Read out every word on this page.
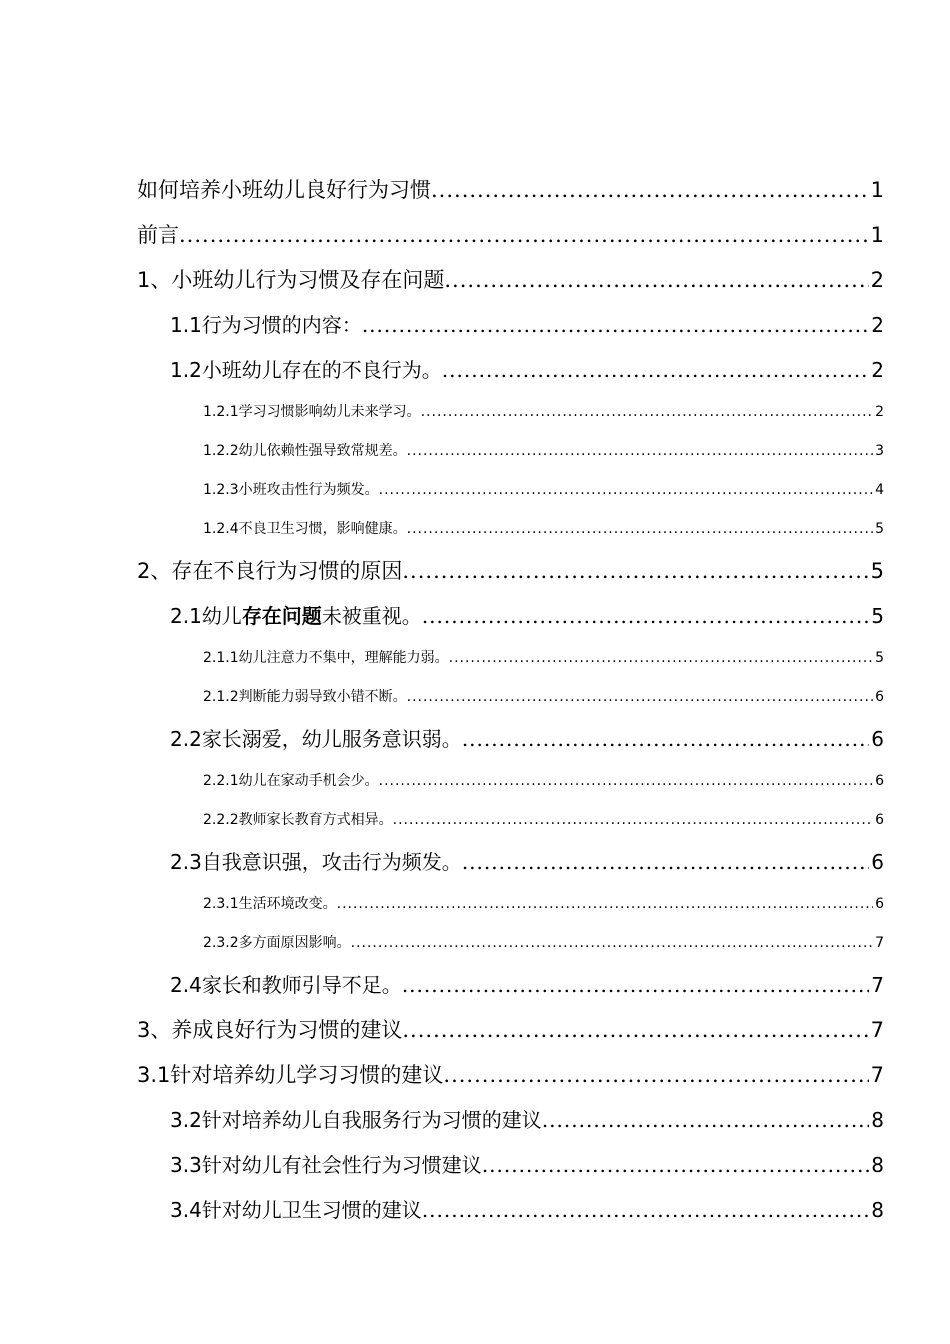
如何培养小班幼儿良好行为习惯 .....	1
前言 .....	1
1、 小班幼儿行为习惯及存在问题 .....	2
1.1 行为习惯的内容： .....	2
1.2 小班幼儿存在的不良行为。 .....	2
1.2.1 学习习惯影响幼儿未来学习。 .....	2
1.2.2 幼儿依赖性强导致常规差。 .....	3
1.2.3 小班攻击性行为频发。 .....	4
1.2.4 不良卫生习惯，影响健康。 .....	5
2、 存在不良行为习惯的原因 .....	5
2.1 幼儿 存在问题 未被重视。 .....	5
2.1.1 幼儿注意力不集中，理解能力弱。 .....	5
2.1.2 判断能力弱导致小错不断。 .....	6
2.2 家长溺爱，幼儿服务意识弱。 .....	6
2.2.1 幼儿在家动手机会少。 .....	6
2.2.2 教师家长教育方式相异。 .....	6
2.3 自我意识强，攻击行为频发。 .....	6
2.3.1 生活环境改变。 .....	6
2.3.2 多方面原因影响。 .....	7
2.4 家长和教师引导不足。 .....	7
3、 养成良好行为习惯的建议 .....	7
3.1 针对培养幼儿学习习惯的建议 .....	7
3.2 针对培养幼儿自我服务行为习惯的建议 .....	8
3.3 针对幼儿有社会性行为习惯建议 .....	8
3.4 针对幼儿卫生习惯的建议 .....	8
